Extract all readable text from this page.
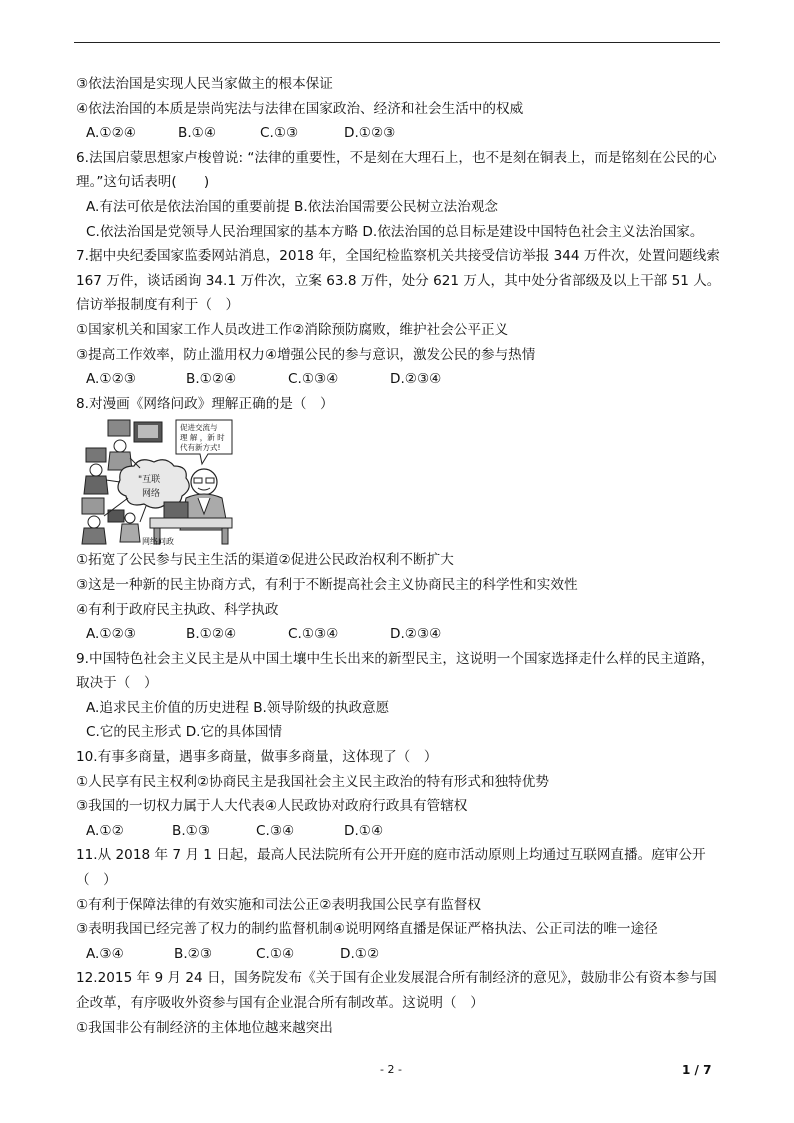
③依法治国是实现人民当家做主的根本保证
④依法治国的本质是崇尚宪法与法律在国家政治、经济和社会生活中的权威
A.①②④	B.①④	C.①③	D.①②③
6.法国启蒙思想家卢梭曾说: “法律的重要性，不是刻在大理石上，也不是刻在铜表上，而是铭刻在公民的心理。”这句话表明(　　)
A.有法可依是依法治国的重要前提 B.依法治国需要公民树立法治观念
C.依法治国是党领导人民治理国家的基本方略 D.依法治国的总目标是建设中国特色社会主义法治国家。
7.据中央纪委国家监委网站消息，2018 年，全国纪检监察机关共接受信访举报 344 万件次，处置问题线索 167 万件，谈话函询 34.1 万件次，立案 63.8 万件，处分 621 万人，其中处分省部级及以上干部 51 人。信访举报制度有利于（　）
①国家机关和国家工作人员改进工作②消除预防腐败，维护社会公平正义
③提高工作效率，防止滥用权力④增强公民的参与意识，激发公民的参与热情
A.①②③	B.①②④	C.①③④	D.②③④
8.对漫画《网络问政》理解正确的是（　）
"互联
网络
促进交流与
理 解 ，新 时
代有新方式!
网络问政
①拓宽了公民参与民主生活的渠道②促进公民政治权利不断扩大
③这是一种新的民主协商方式，有利于不断提高社会主义协商民主的科学性和实效性
④有利于政府民主执政、科学执政
A.①②③	B.①②④	C.①③④	D.②③④
9.中国特色社会主义民主是从中国土壤中生长出来的新型民主，这说明一个国家选择走什么样的民主道路，取决于（　）
A.追求民主价值的历史进程 B.领导阶级的执政意愿
C.它的民主形式 D.它的具体国情
10.有事多商量，遇事多商量，做事多商量，这体现了（　）
①人民享有民主权利②协商民主是我国社会主义民主政治的特有形式和独特优势
③我国的一切权力属于人大代表④人民政协对政府行政具有管辖权
A.①②	B.①③	C.③④	D.①④
11.从 2018 年 7 月 1 日起，最高人民法院所有公开开庭的庭市活动原则上均通过互联网直播。庭审公开（　）
①有利于保障法律的有效实施和司法公正②表明我国公民享有监督权
③表明我国已经完善了权力的制约监督机制④说明网络直播是保证严格执法、公正司法的唯一途径
A.③④	B.②③	C.①④	D.①②
12.2015 年 9 月 24 日，国务院发布《关于国有企业发展混合所有制经济的意见》，鼓励非公有资本参与国企改革，有序吸收外资参与国有企业混合所有制改革。这说明（　）
①我国非公有制经济的主体地位越来越突出
- 2 -	1 / 7
